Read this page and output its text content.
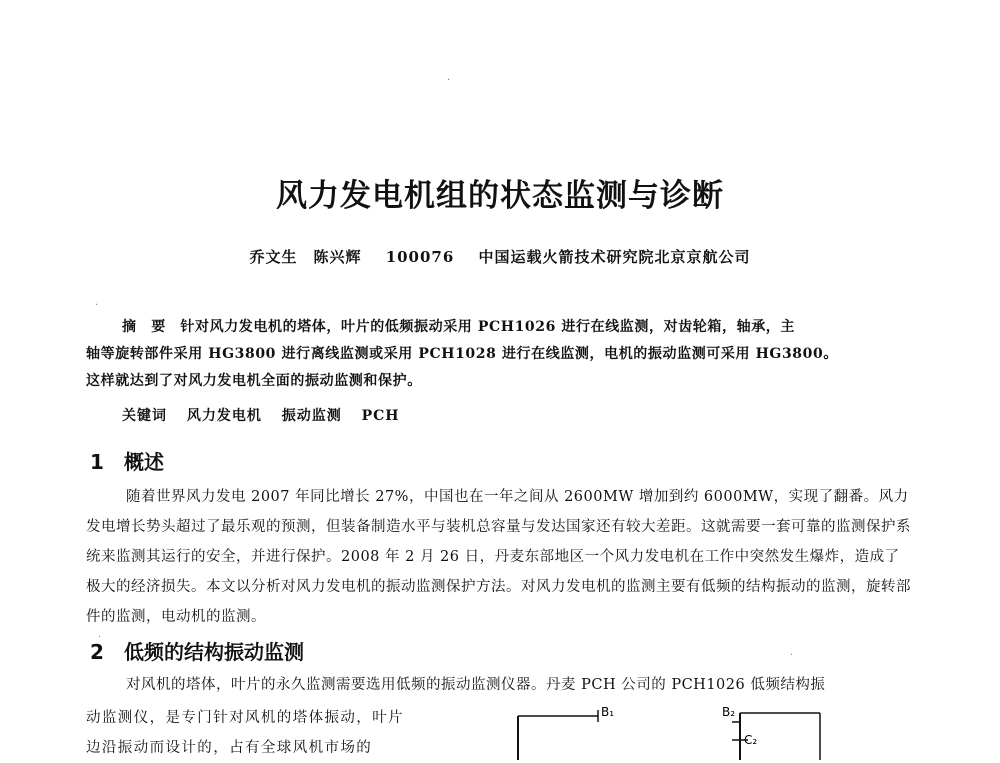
·
风力发电机组的状态监测与诊断
乔文生　陈兴辉 100076 中国运载火箭技术研究院北京京航公司
·

摘　要　针对风力发电机的塔体，叶片的低频振动采用 PCH1026 进行在线监测，对齿轮箱，轴承，主

轴等旋转部件采用 HG3800 进行离线监测或采用 PCH1028 进行在线监测，电机的振动监测可采用 HG3800。

这样就达到了对风力发电机全面的振动监测和保护。

关键词 风力发电机 振动监测 PCH
1 概述
随着世界风力发电 2007 年同比增长 27%，中国也在一年之间从 2600MW 增加到约 6000MW，实现了翻番。风力发电增长势头超过了最乐观的预测，但装备制造水平与装机总容量与发达国家还有较大差距。这就需要一套可靠的监测保护系统来监测其运行的安全，并进行保护。2008 年 2 月 26 日，丹麦东部地区一个风力发电机在工作中突然发生爆炸，造成了极大的经济损失。本文以分析对风力发电机的振动监测保护方法。对风力发电机的监测主要有低频的结构振动的监测，旋转部件的监测，电动机的监测。
·
·
2 低频的结构振动监测
对风机的塔体，叶片的永久监测需要选用低频的振动监测仪器。丹麦 PCH 公司的 PCH1026 低频结构振

动监测仪，是专门针对风机的塔体振动，叶片

边沿振动而设计的，占有全球风机市场的

B₁	B₂
C₂
